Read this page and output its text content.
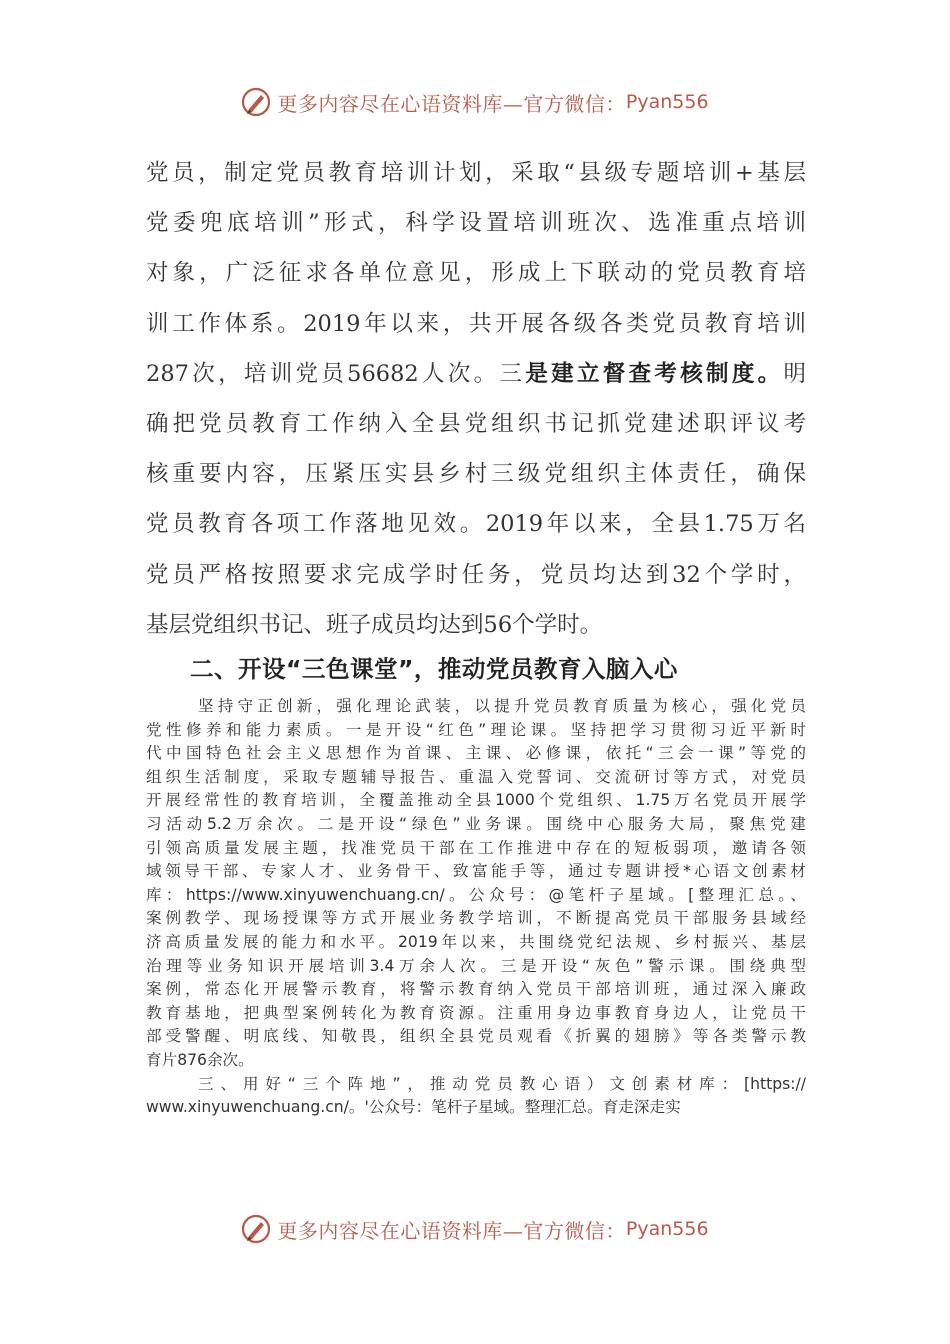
更多内容尽在心语资料库—官方微信： Pyan556
党员，制定党员教育培训计划，采取“县级专题培训+基层
党委兜底培训”形式，科学设置培训班次、选准重点培训
对象，广泛征求各单位意见，形成上下联动的党员教育培
训工作体系。2019年以来，共开展各级各类党员教育培训
287次，培训党员56682人次。三是建立督查考核制度。明
确把党员教育工作纳入全县党组织书记抓党建述职评议考
核重要内容，压紧压实县乡村三级党组织主体责任，确保
党员教育各项工作落地见效。2019年以来，全县1.75万名
党员严格按照要求完成学时任务，党员均达到32个学时，
基层党组织书记、班子成员均达到56个学时。
二、开设“三色课堂”，推动党员教育入脑入心
坚持守正创新，强化理论武装，以提升党员教育质量为核心，强化党员
党性修养和能力素质。一是开设“红色”理论课。坚持把学习贯彻习近平新时
代中国特色社会主义思想作为首课、主课、必修课，依托“三会一课”等党的
组织生活制度，采取专题辅导报告、重温入党誓词、交流研讨等方式，对党员
开展经常性的教育培训，全覆盖推动全县1000个党组织、1.75万名党员开展学
习活动5.2万余次。二是开设“绿色”业务课。围绕中心服务大局，聚焦党建
引领高质量发展主题，找准党员干部在工作推进中存在的短板弱项，邀请各领
域领导干部、专家人才、业务骨干、致富能手等，通过专题讲授*心语文创素材
库：https://www.xinyuwenchuang.cn/。公众号：@笔杆子星域。[整理汇总。、
案例教学、现场授课等方式开展业务教学培训，不断提高党员干部服务县域经
济高质量发展的能力和水平。2019年以来，共围绕党纪法规、乡村振兴、基层
治理等业务知识开展培训3.4万余人次。三是开设“灰色”警示课。围绕典型
案例，常态化开展警示教育，将警示教育纳入党员干部培训班，通过深入廉政
教育基地，把典型案例转化为教育资源。注重用身边事教育身边人，让党员干
部受警醒、明底线、知敬畏，组织全县党员观看《折翼的翅膀》等各类警示教
育片876余次。
三、用好“三个阵地”，推动党员教心语）文创素材库：[https://
www.xinyuwenchuang.cn/。'公众号：笔杆子星域。整理汇总。育走深走实
更多内容尽在心语资料库—官方微信： Pyan556
